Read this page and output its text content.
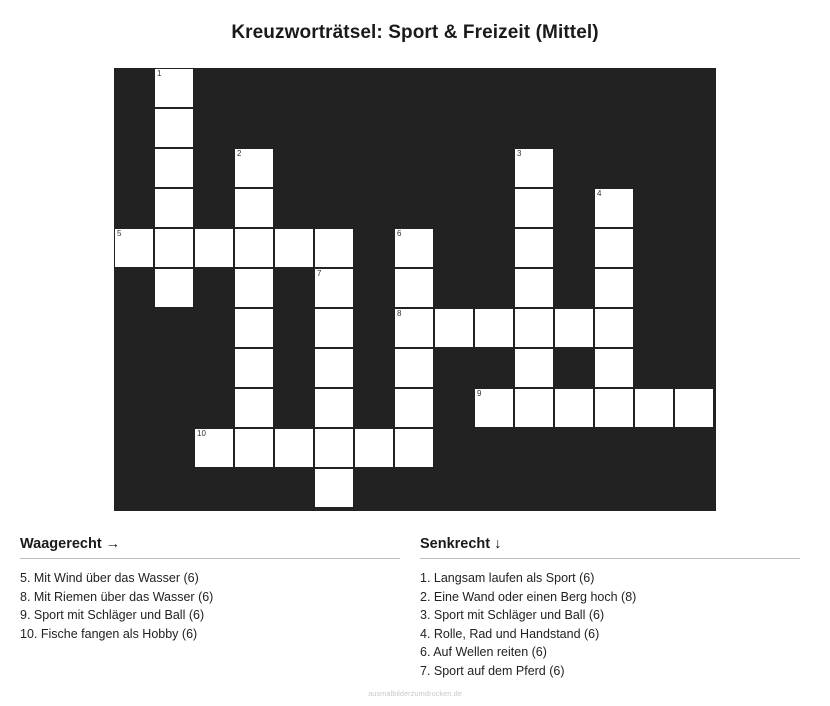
Kreuzworträtsel: Sport & Freizeit (Mittel)
1
2	3
4
5	6
7
8
9
10
Waagerecht →
5. Mit Wind über das Wasser (6)
8. Mit Riemen über das Wasser (6)
9. Sport mit Schläger und Ball (6)
10. Fische fangen als Hobby (6)
Senkrecht ↓
1. Langsam laufen als Sport (6)
2. Eine Wand oder einen Berg hoch (8)
3. Sport mit Schläger und Ball (6)
4. Rolle, Rad und Handstand (6)
6. Auf Wellen reiten (6)
7. Sport auf dem Pferd (6)
ausmalbilderzumdrucken.de
